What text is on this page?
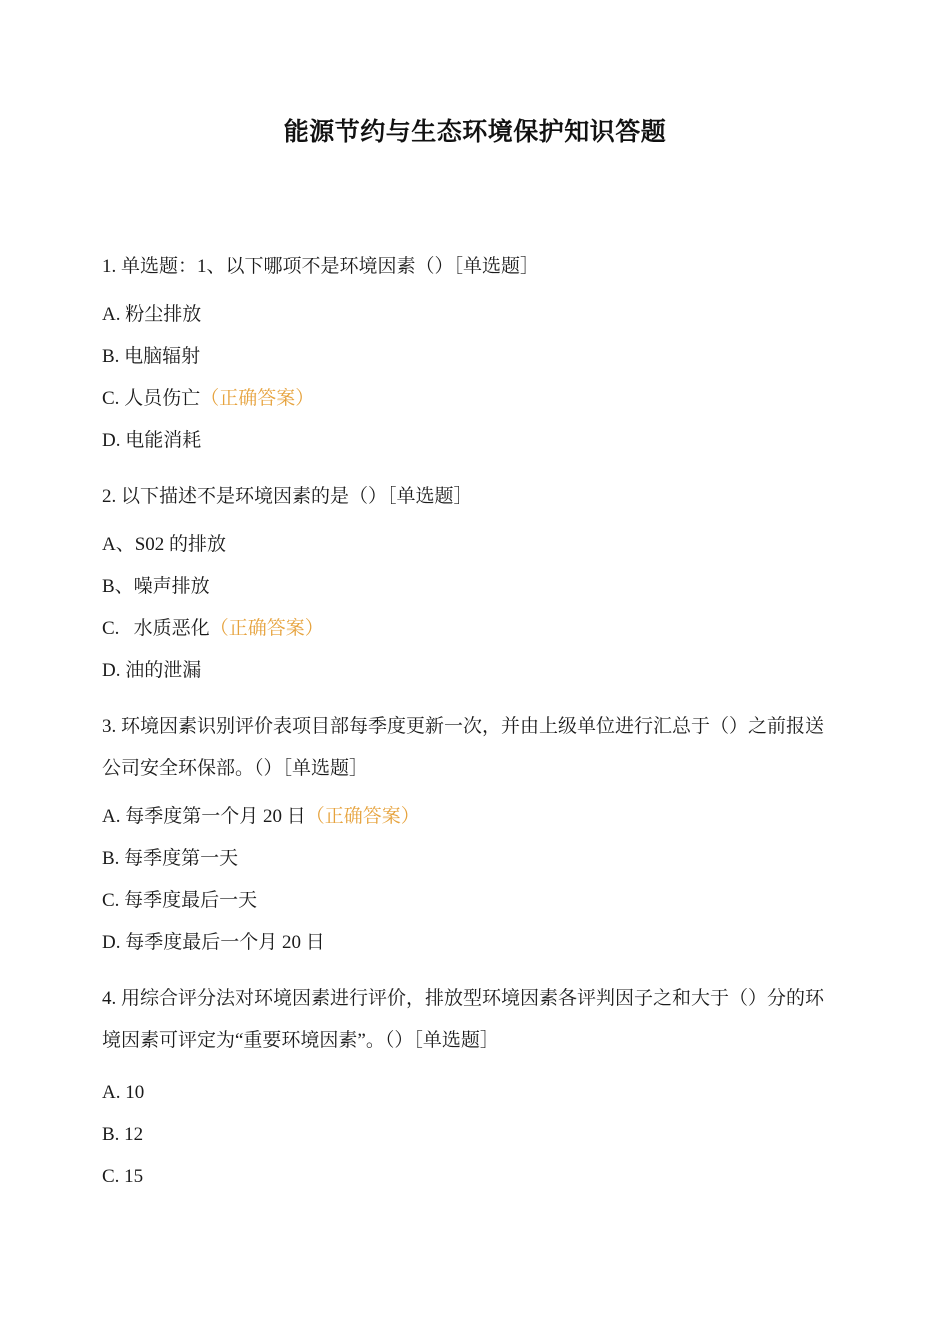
能源节约与生态环境保护知识答题
1. 单选题：1、以下哪项不是环境因素（）［单选题］
A. 粉尘排放
B. 电脑辐射
C. 人员伤亡（正确答案）
D. 电能消耗
2. 以下描述不是环境因素的是（）［单选题］
A、S02 的排放
B、噪声排放
C.   水质恶化（正确答案）
D. 油的泄漏
3. 环境因素识别评价表项目部每季度更新一次，并由上级单位进行汇总于（）之前报送公司安全环保部。（）［单选题］
A. 每季度第一个月 20 日（正确答案）
B. 每季度第一天
C. 每季度最后一天
D. 每季度最后一个月 20 日
4. 用综合评分法对环境因素进行评价，排放型环境因素各评判因子之和大于（）分的环境因素可评定为“重要环境因素”。（）［单选题］
A. 10
B. 12
C. 15
